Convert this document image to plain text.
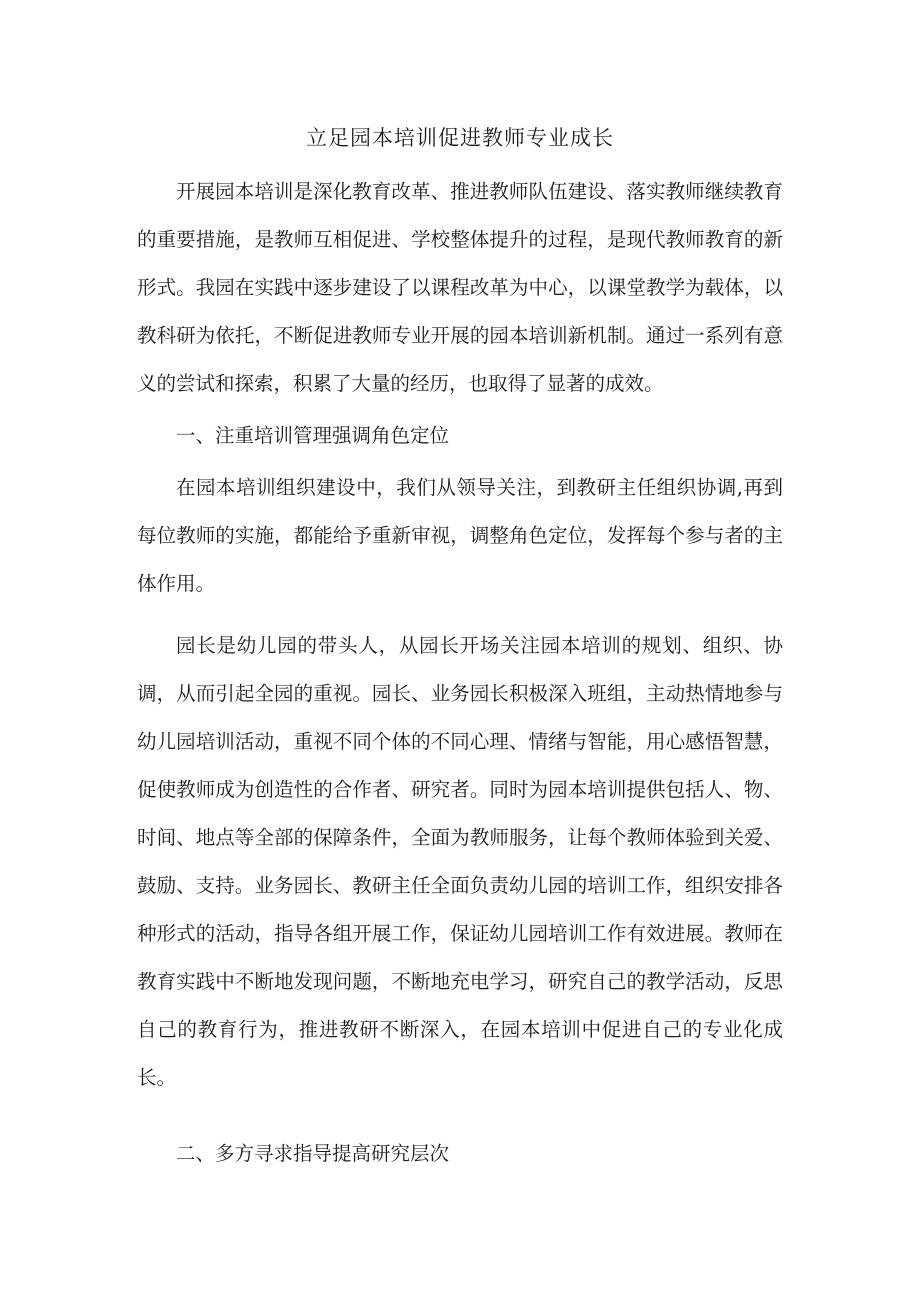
立足园本培训促进教师专业成长

开展园本培训是深化教育改革、推进教师队伍建设、落实教师继续教育的重要措施，是教师互相促进、学校整体提升的过程，是现代教师教育的新形式。我园在实践中逐步建设了以课程改革为中心，以课堂教学为载体，以教科研为依托，不断促进教师专业开展的园本培训新机制。通过一系列有意义的尝试和探索，积累了大量的经历，也取得了显著的成效。

一、注重培训管理强调角色定位

在园本培训组织建设中，我们从领导关注，到教研主任组织协调,再到每位教师的实施，都能给予重新审视，调整角色定位，发挥每个参与者的主体作用。

园长是幼儿园的带头人，从园长开场关注园本培训的规划、组织、协调，从而引起全园的重视。园长、业务园长积极深入班组，主动热情地参与幼儿园培训活动，重视不同个体的不同心理、情绪与智能，用心感悟智慧，促使教师成为创造性的合作者、研究者。同时为园本培训提供包括人、物、时间、地点等全部的保障条件，全面为教师服务，让每个教师体验到关爱、鼓励、支持。业务园长、教研主任全面负责幼儿园的培训工作，组织安排各种形式的活动，指导各组开展工作，保证幼儿园培训工作有效进展。教师在教育实践中不断地发现问题，不断地充电学习，研究自己的教学活动，反思自己的教育行为，推进教研不断深入，在园本培训中促进自己的专业化成长。

二、多方寻求指导提高研究层次
